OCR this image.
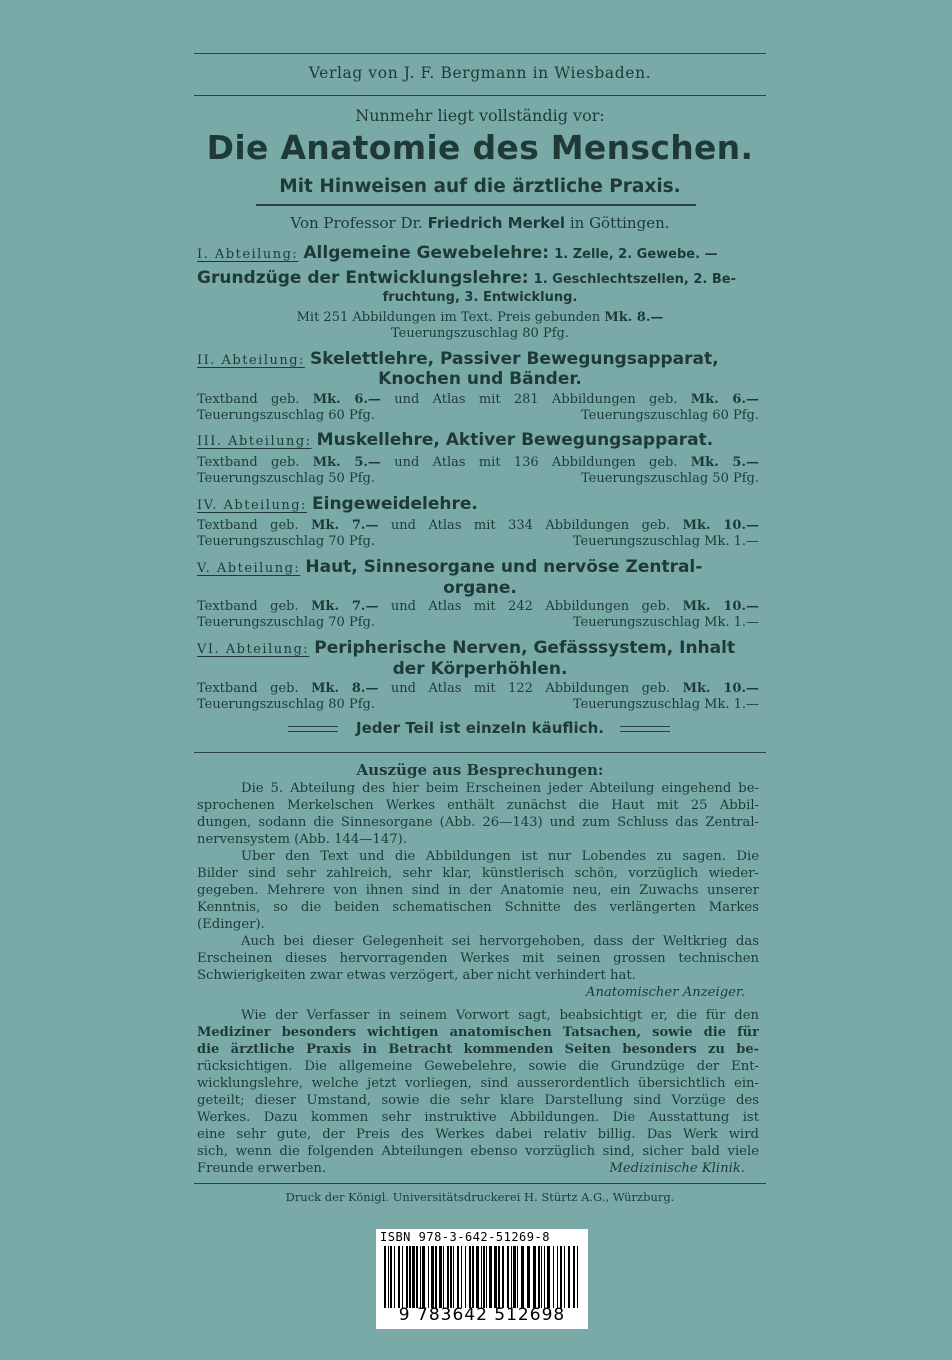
Verlag von J. F. Bergmann in Wiesbaden.
Nunmehr liegt vollständig vor:
Die Anatomie des Menschen.
Mit Hinweisen auf die ärztliche Praxis.
Von Professor Dr. Friedrich Merkel in Göttingen.
I. Abteilung: Allgemeine Gewebelehre: 1. Zelle, 2. Gewebe. —
Grundzüge der Entwicklungslehre: 1. Geschlechtszellen, 2. Be-
fruchtung, 3. Entwicklung.
Mit 251 Abbildungen im Text. Preis gebunden Mk. 8.—
Teuerungszuschlag 80 Pfg.
II. Abteilung: Skelettlehre, Passiver Bewegungsapparat,
Knochen und Bänder.
Textband geb. Mk. 6.— und Atlas mit 281 Abbildungen geb. Mk. 6.—
Teuerungszuschlag 60 Pfg.	Teuerungszuschlag 60 Pfg.
III. Abteilung: Muskellehre, Aktiver Bewegungsapparat.
Textband geb. Mk. 5.— und Atlas mit 136 Abbildungen geb. Mk. 5.—
Teuerungszuschlag 50 Pfg.	Teuerungszuschlag 50 Pfg.
IV. Abteilung: Eingeweidelehre.
Textband geb. Mk. 7.— und Atlas mit 334 Abbildungen geb. Mk. 10.—
Teuerungszuschlag 70 Pfg.	Teuerungszuschlag Mk. 1.—
V. Abteilung: Haut, Sinnesorgane und nervöse Zentral-
organe.
Textband geb. Mk. 7.— und Atlas mit 242 Abbildungen geb. Mk. 10.—
Teuerungszuschlag 70 Pfg.	Teuerungszuschlag Mk. 1.—
VI. Abteilung: Peripherische Nerven, Gefässsystem, Inhalt
der Körperhöhlen.
Textband geb. Mk. 8.— und Atlas mit 122 Abbildungen geb. Mk. 10.—
Teuerungszuschlag 80 Pfg.	Teuerungszuschlag Mk. 1.—
Jeder Teil ist einzeln käuflich.
Auszüge aus Besprechungen:
Die 5. Abteilung des hier beim Erscheinen jeder Abteilung eingehend be-
sprochenen Merkelschen Werkes enthält zunächst die Haut mit 25 Abbil-
dungen, sodann die Sinnesorgane (Abb. 26—143) und zum Schluss das Zentral-
nervensystem (Abb. 144—147).
Über den Text und die Abbildungen ist nur Lobendes zu sagen. Die
Bilder sind sehr zahlreich, sehr klar, künstlerisch schön, vorzüglich wieder-
gegeben. Mehrere von ihnen sind in der Anatomie neu, ein Zuwachs unserer
Kenntnis, so die beiden schematischen Schnitte des verlängerten Markes
(Edinger).
Auch bei dieser Gelegenheit sei hervorgehoben, dass der Weltkrieg das
Erscheinen dieses hervorragenden Werkes mit seinen grossen technischen
Schwierigkeiten zwar etwas verzögert, aber nicht verhindert hat.
Anatomischer Anzeiger.
Wie der Verfasser in seinem Vorwort sagt, beabsichtigt er, die für den
Mediziner besonders wichtigen anatomischen Tatsachen, sowie die für
die ärztliche Praxis in Betracht kommenden Seiten besonders zu be-
rücksichtigen. Die allgemeine Gewebelehre, sowie die Grundzüge der Ent-
wicklungslehre, welche jetzt vorliegen, sind ausserordentlich übersichtlich ein-
geteilt; dieser Umstand, sowie die sehr klare Darstellung sind Vorzüge des
Werkes. Dazu kommen sehr instruktive Abbildungen. Die Ausstattung ist
eine sehr gute, der Preis des Werkes dabei relativ billig. Das Werk wird
sich, wenn die folgenden Abteilungen ebenso vorzüglich sind, sicher bald viele
Freunde erwerben.	Medizinische Klinik.
Druck der Königl. Universitätsdruckerei H. Stürtz A.G., Würzburg.
ISBN 978-3-642-51269-8
9 783642 512698
